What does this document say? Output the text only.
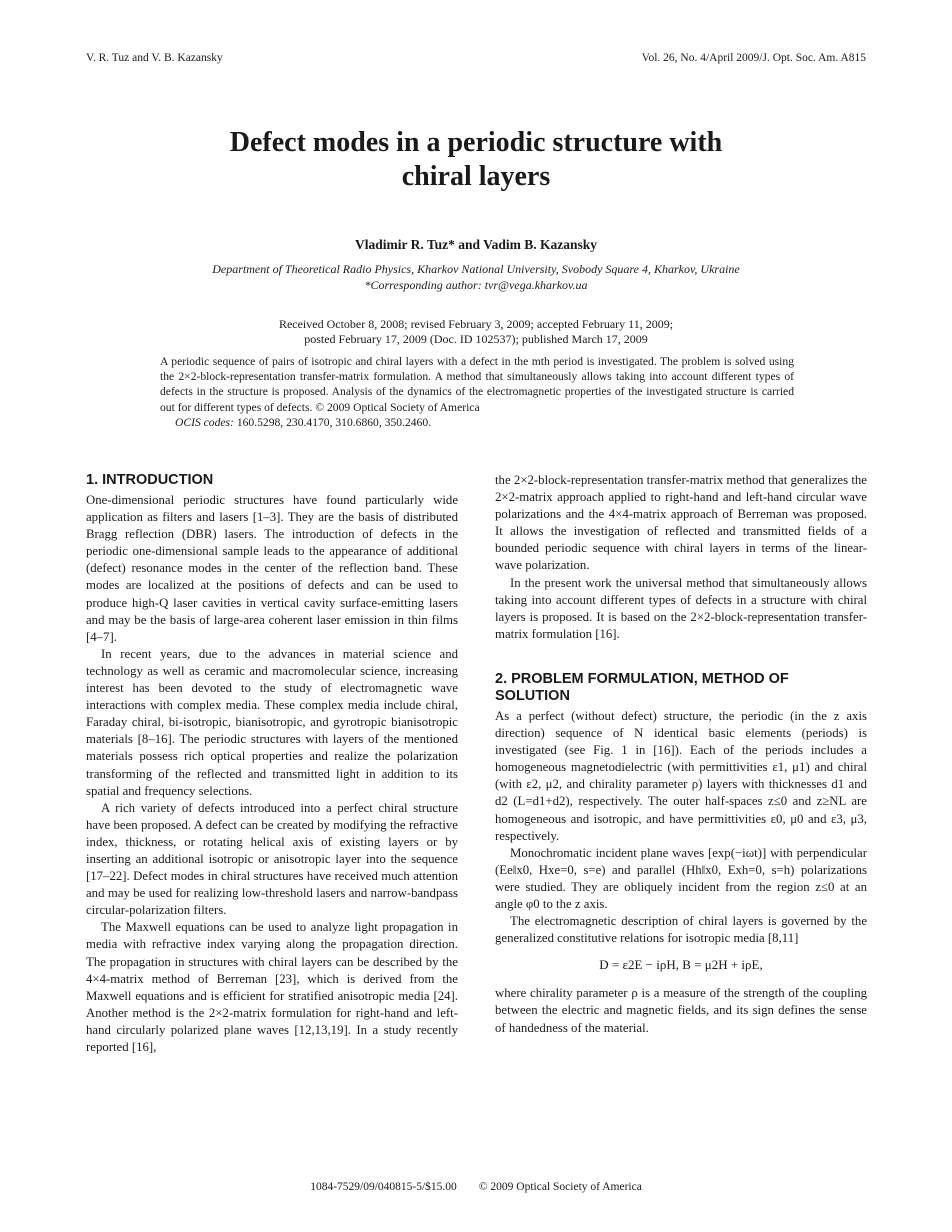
V. R. Tuz and V. B. Kazansky	Vol. 26, No. 4/April 2009/J. Opt. Soc. Am. A815
Defect modes in a periodic structure with
chiral layers
Vladimir R. Tuz* and Vadim B. Kazansky
Department of Theoretical Radio Physics, Kharkov National University, Svobody Square 4, Kharkov, Ukraine
*Corresponding author: tvr@vega.kharkov.ua
Received October 8, 2008; revised February 3, 2009; accepted February 11, 2009;
posted February 17, 2009 (Doc. ID 102537); published March 17, 2009
A periodic sequence of pairs of isotropic and chiral layers with a defect in the mth period is investigated. The problem is solved using the 2×2-block-representation transfer-matrix formulation. A method that simultaneously allows taking into account different types of defects in the structure is proposed. Analysis of the dynamics of the electromagnetic properties of the investigated structure is carried out for different types of defects. © 2009 Optical Society of America
OCIS codes: 160.5298, 230.4170, 310.6860, 350.2460.
1. INTRODUCTION

One-dimensional periodic structures have found particularly wide application as filters and lasers [1–3]. They are the basis of distributed Bragg reflection (DBR) lasers. The introduction of defects in the periodic one-dimensional sample leads to the appearance of additional (defect) resonance modes in the center of the reflection band. These modes are localized at the positions of defects and can be used to produce high-Q laser cavities in vertical cavity surface-emitting lasers and may be the basis of large-area coherent laser emission in thin films [4–7].

In recent years, due to the advances in material science and technology as well as ceramic and macromolecular science, increasing interest has been devoted to the study of electromagnetic wave interactions with complex media. These complex media include chiral, Faraday chiral, bi-isotropic, bianisotropic, and gyrotropic bianisotropic materials [8–16]. The periodic structures with layers of the mentioned materials possess rich optical properties and realize the polarization transforming of the reflected and transmitted light in addition to its spatial and frequency selections.

A rich variety of defects introduced into a perfect chiral structure have been proposed. A defect can be created by modifying the refractive index, thickness, or rotating helical axis of existing layers or by inserting an additional isotropic or anisotropic layer into the sequence [17–22]. Defect modes in chiral structures have received much attention and may be used for realizing low-threshold lasers and narrow-bandpass circular-polarization filters.

The Maxwell equations can be used to analyze light propagation in media with refractive index varying along the propagation direction. The propagation in structures with chiral layers can be described by the 4×4-matrix method of Berreman [23], which is derived from the Maxwell equations and is efficient for stratified anisotropic media [24]. Another method is the 2×2-matrix formulation for right-hand and left-hand circularly polarized plane waves [12,13,19]. In a study recently reported [16],

the 2×2-block-representation transfer-matrix method that generalizes the 2×2-matrix approach applied to right-hand and left-hand circular wave polarizations and the 4×4-matrix approach of Berreman was proposed. It allows the investigation of reflected and transmitted fields of a bounded periodic sequence with chiral layers in terms of the linear-wave polarization.

In the present work the universal method that simultaneously allows taking into account different types of defects in a structure with chiral layers is proposed. It is based on the 2×2-block-representation transfer-matrix formulation [16].

2. PROBLEM FORMULATION, METHOD OF SOLUTION

As a perfect (without defect) structure, the periodic (in the z axis direction) sequence of N identical basic elements (periods) is investigated (see Fig. 1 in [16]). Each of the periods includes a homogeneous magnetodielectric (with permittivities ε1, μ1) and chiral (with ε2, μ2, and chirality parameter ρ) layers with thicknesses d1 and d2 (L=d1+d2), respectively. The outer half-spaces z≤0 and z≥NL are homogeneous and isotropic, and have permittivities ε0, μ0 and ε3, μ3, respectively.

Monochromatic incident plane waves [exp(−iωt)] with perpendicular (Ee‖x0, Hxe=0, s=e) and parallel (Hh‖x0, Exh=0, s=h) polarizations were studied. They are obliquely incident from the region z≤0 at an angle φ0 to the z axis.

The electromagnetic description of chiral layers is governed by the generalized constitutive relations for isotropic media [8,11]

D = ε2E − iρH, B = μ2H + iρE,

where chirality parameter ρ is a measure of the strength of the coupling between the electric and magnetic fields, and its sign defines the sense of handedness of the material.

1084-7529/09/040815-5/$15.00 © 2009 Optical Society of America
